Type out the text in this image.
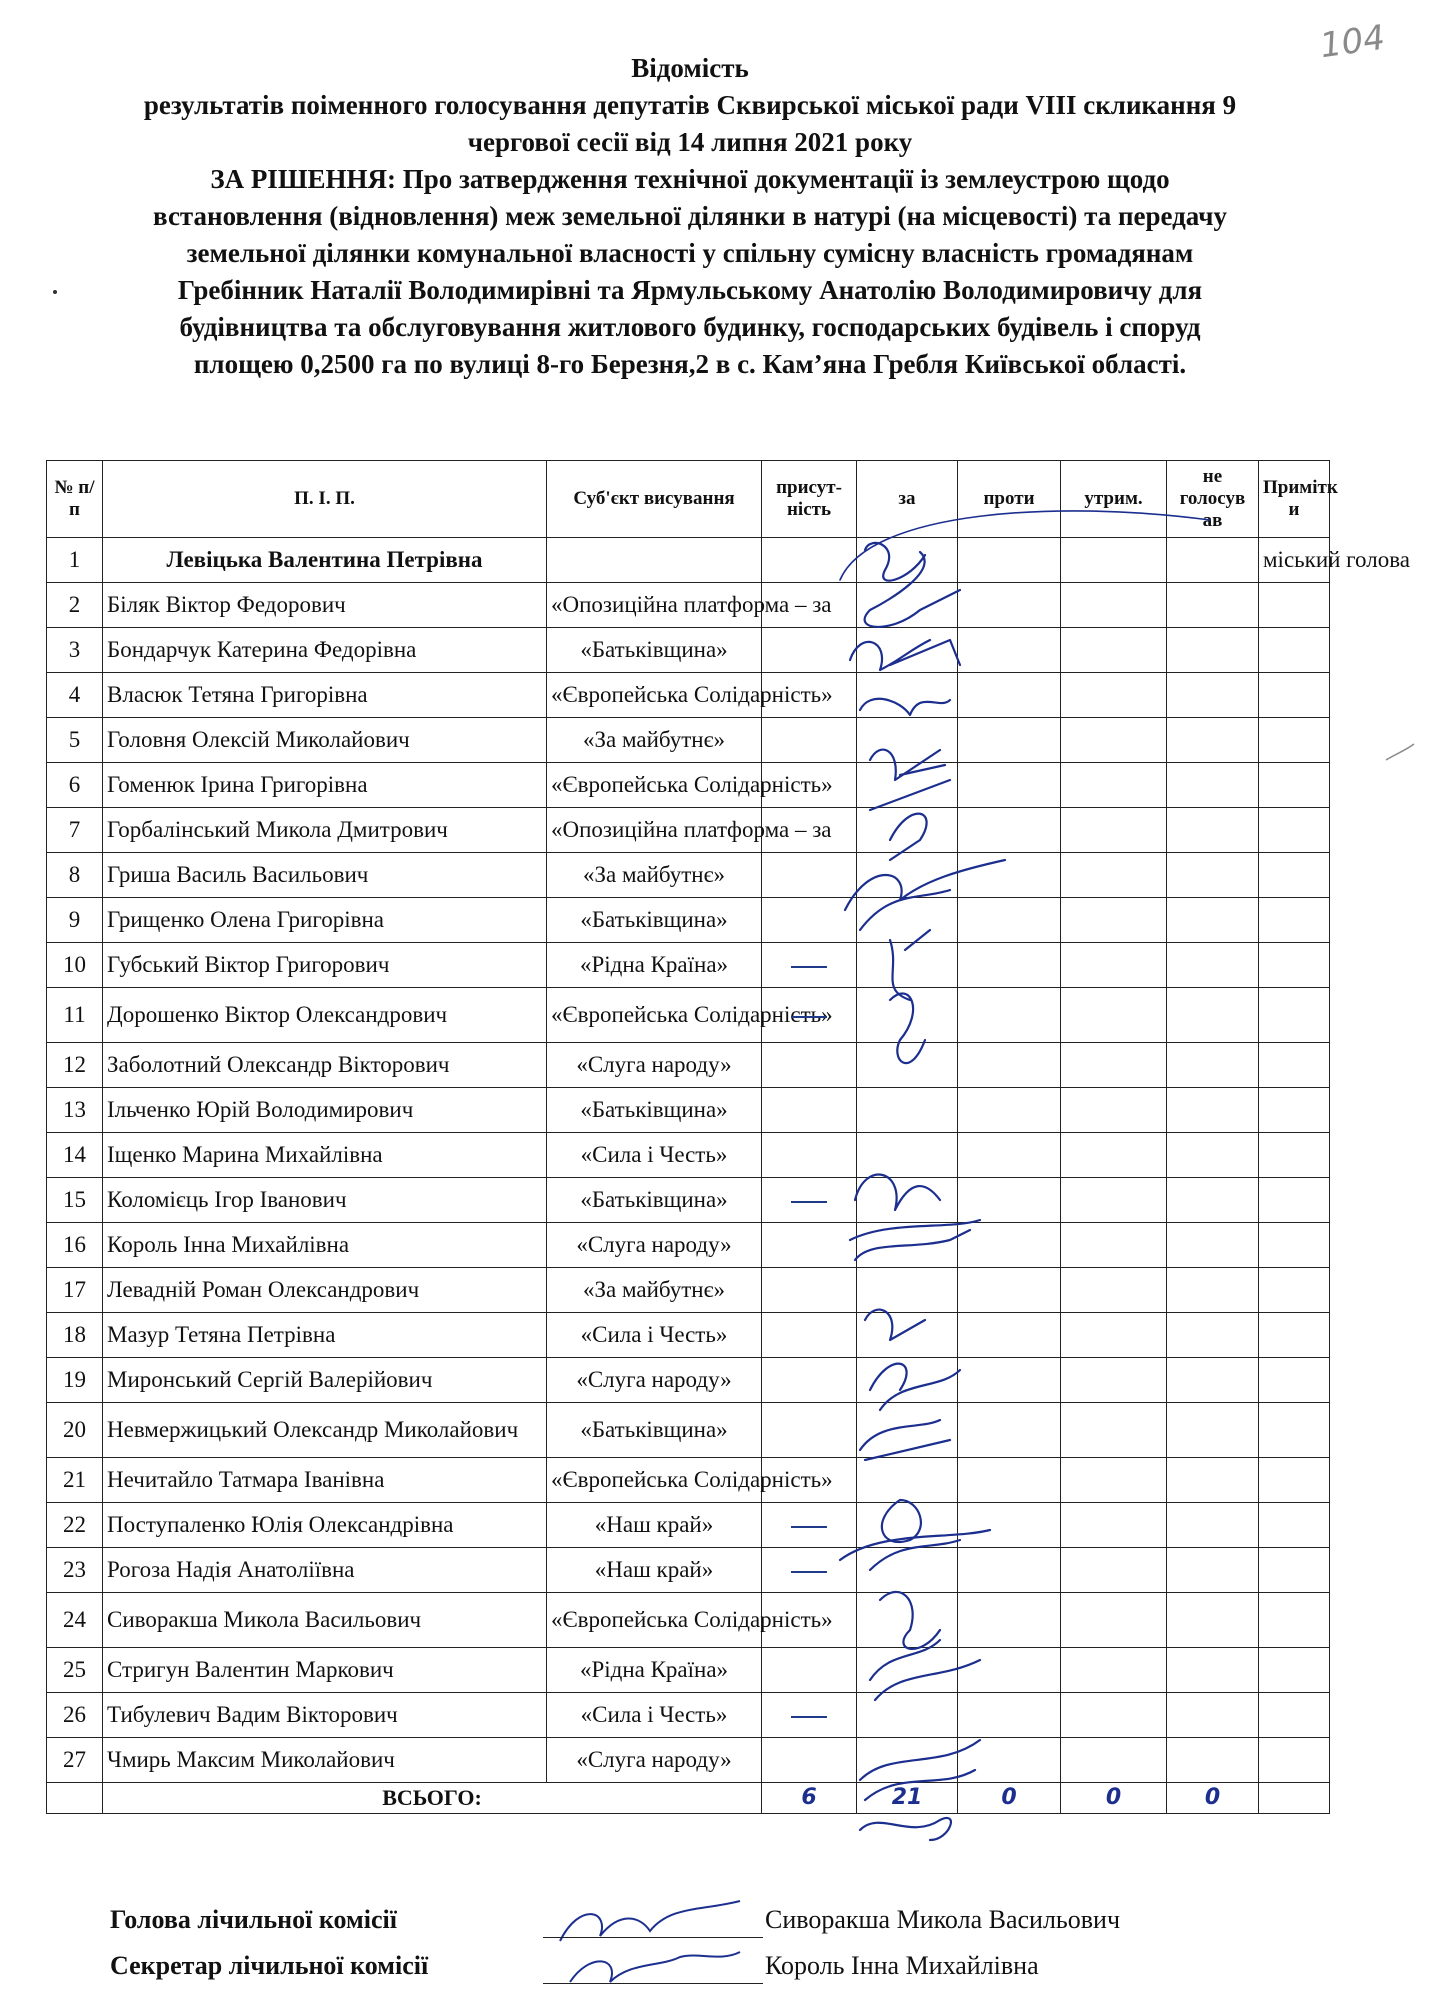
104
Відомість
результатів поіменного голосування депутатів Сквирської міської ради VIII скликання 9
чергової сесії від 14 липня 2021 року
ЗА РІШЕННЯ: Про затвердження технічної документації із землеустрою щодо
встановлення (відновлення) меж земельної ділянки в натурі (на місцевості) та передачу
земельної ділянки комунальної власності у спільну сумісну власність громадянам
Гребінник Наталії Володимирівні та Ярмульському Анатолію Володимировичу для
будівництва та обслуговування житлового будинку, господарських будівель і споруд
площею 0,2500 га по вулиці 8-го Березня,2 в с. Кам’яна Гребля Київської області.
№ п/п	П. І. П.	Суб'єкт висування	присут-ність	за	проти	утрим.	не голосув ав	Примітк и
1	Левіцька Валентина Петрівна							міський голова
2	Біляк Віктор Федорович	«Опозиційна платформа – за						
3	Бондарчук Катерина Федорівна	«Батьківщина»						
4	Власюк Тетяна Григорівна	«Європейська Солідарність»						
5	Головня Олексій Миколайович	«За майбутнє»						
6	Гоменюк Ірина Григорівна	«Європейська Солідарність»						
7	Горбалінський Микола Дмитрович	«Опозиційна платформа – за						
8	Гриша Василь Васильович	«За майбутнє»						
9	Грищенко Олена Григорівна	«Батьківщина»						
10	Губський Віктор Григорович	«Рідна Країна»						
11	Дорошенко Віктор Олександрович	«Європейська Солідарність»						
12	Заболотний Олександр Вікторович	«Слуга народу»						
13	Ільченко Юрій Володимирович	«Батьківщина»						
14	Іщенко Марина Михайлівна	«Сила і Честь»						
15	Коломієць Ігор Іванович	«Батьківщина»						
16	Король Інна Михайлівна	«Слуга народу»						
17	Левадній Роман Олександрович	«За майбутнє»						
18	Мазур Тетяна Петрівна	«Сила і Честь»						
19	Миронський Сергій Валерійович	«Слуга народу»						
20	Невмержицький Олександр Миколайович	«Батьківщина»						
21	Нечитайло Татмара Іванівна	«Європейська Солідарність»						
22	Поступаленко Юлія Олександрівна	«Наш край»						
23	Рогоза Надія Анатоліївна	«Наш край»						
24	Сиворакша Микола Васильович	«Європейська Солідарність»						
25	Стригун Валентин Маркович	«Рідна Країна»						
26	Тибулевич Вадим Вікторович	«Сила і Честь»						
27	Чмирь Максим Миколайович	«Слуга народу»						
	ВСЬОГО:		6	21	0	0	0	
Голова лічильної комісії	Сиворакша Микола Васильович
Секретар лічильної комісії	Король Інна Михайлівна
